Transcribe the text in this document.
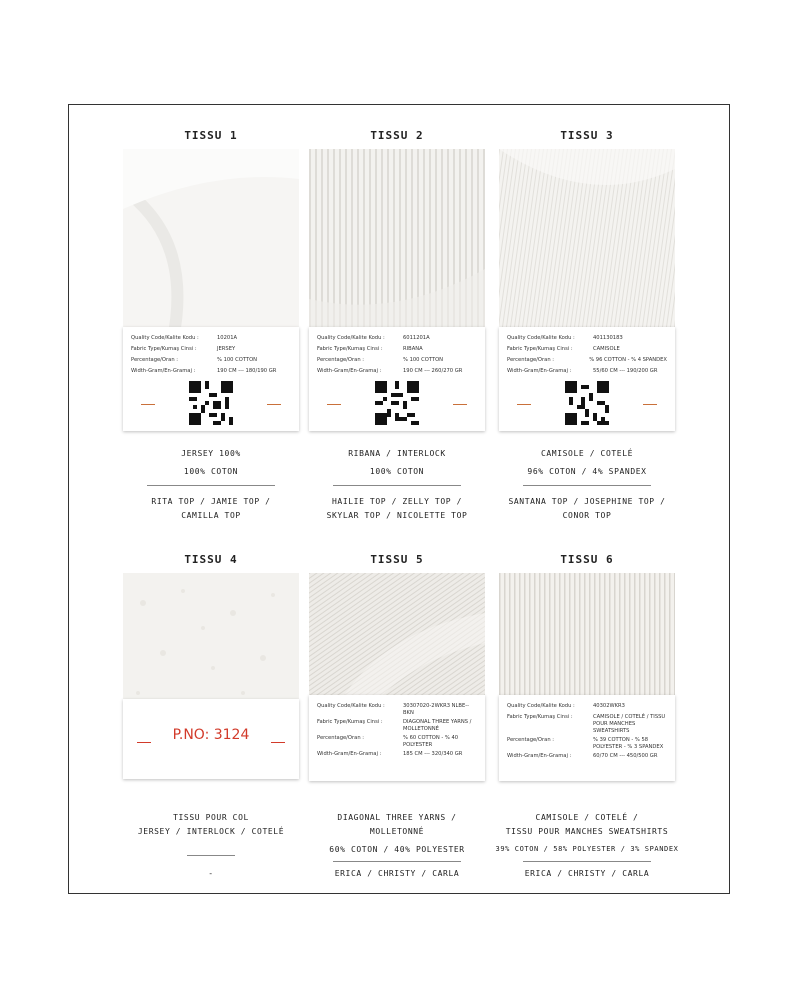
TISSU 1
Quality Code/Kalite Kodu :	10201A
Fabric Type/Kumaş Cinsi :	JERSEY
Percentage/Oran :	% 100 COTTON
Width-Gram/En-Gramaj :	190 CM --- 180/190 GR
JERSEY 100%
100% COTON
RITA TOP / JAMIE TOP /
CAMILLA TOP
TISSU 2
Quality Code/Kalite Kodu :	6011201A
Fabric Type/Kumaş Cinsi :	RIBANA
Percentage/Oran :	% 100 COTTON
Width-Gram/En-Gramaj :	190 CM --- 260/270 GR
RIBANA / INTERLOCK
100% COTON
HAILIE TOP / ZELLY TOP /
SKYLAR TOP / NICOLETTE TOP
TISSU 3
Quality Code/Kalite Kodu :	40113018З
Fabric Type/Kumaş Cinsi :	CAMISOLE
Percentage/Oran :	% 96 COTTON - % 4 SPANDEX
Width-Gram/En-Gramaj :	55/60 CM --- 190/200 GR
CAMISOLE / COTELÉ
96% COTON / 4% SPANDEX
SANTANA TOP / JOSEPHINE TOP /
CONOR TOP
TISSU 4
P.NO: 3124
TISSU POUR COL
JERSEY / INTERLOCK / COTELÉ
-
TISSU 5
Quality Code/Kalite Kodu :	30307020-2WKR3 NLBE--BKN
Fabric Type/Kumaş Cinsi :	DIAGONAL THREE YARNS / MOLLETONNÉ
Percentage/Oran :	% 60 COTTON - % 40 POLYESTER
Width-Gram/En-Gramaj :	185 CM --- 320/340 GR
DIAGONAL THREE YARNS /
MOLLETONNÉ
60% COTON / 40% POLYESTER
ERICA / CHRISTY / CARLA
TISSU 6
Quality Code/Kalite Kodu :	40302WKR3
Fabric Type/Kumaş Cinsi :	CAMISOLE / COTELÉ / TISSU POUR MANCHES SWEATSHIRTS
Percentage/Oran :	% 39 COTTON - % 58 POLYESTER - % 3 SPANDEX
Width-Gram/En-Gramaj :	60/70 CM --- 450/500 GR
CAMISOLE / COTELÉ /
TISSU POUR MANCHES SWEATSHIRTS
39% COTON / 58% POLYESTER / 3% SPANDEX
ERICA / CHRISTY / CARLA
